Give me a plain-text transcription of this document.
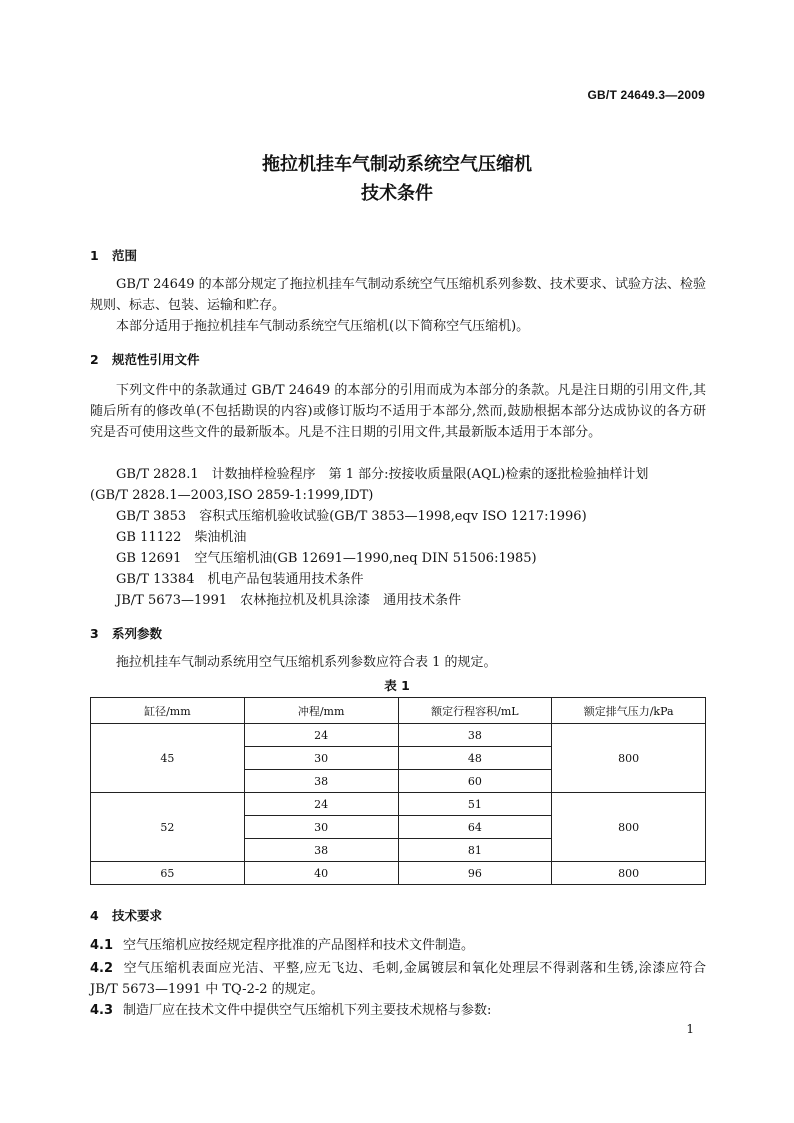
GB/T 24649.3—2009
拖拉机挂车气制动系统空气压缩机
技术条件
1 范围
GB/T 24649 的本部分规定了拖拉机挂车气制动系统空气压缩机系列参数、技术要求、试验方法、检验规则、标志、包装、运输和贮存。
本部分适用于拖拉机挂车气制动系统空气压缩机(以下简称空气压缩机)。
2 规范性引用文件
下列文件中的条款通过 GB/T 24649 的本部分的引用而成为本部分的条款。凡是注日期的引用文件,其随后所有的修改单(不包括勘误的内容)或修订版均不适用于本部分,然而,鼓励根据本部分达成协议的各方研究是否可使用这些文件的最新版本。凡是不注日期的引用文件,其最新版本适用于本部分。
GB/T 2828.1　计数抽样检验程序　第 1 部分:按接收质量限(AQL)检索的逐批检验抽样计划
(GB/T 2828.1—2003,ISO 2859-1:1999,IDT)
GB/T 3853　容积式压缩机验收试验(GB/T 3853—1998,eqv ISO 1217:1996)
GB 11122　柴油机油
GB 12691　空气压缩机油(GB 12691—1990,neq DIN 51506:1985)
GB/T 13384　机电产品包装通用技术条件
JB/T 5673—1991　农林拖拉机及机具涂漆　通用技术条件
3 系列参数
拖拉机挂车气制动系统用空气压缩机系列参数应符合表 1 的规定。
表 1
缸径/mm	冲程/mm	额定行程容积/mL	额定排气压力/kPa
45	24	38	800
	30	48	
	38	60	
52	24	51	800
	30	64	
	38	81	
65	40	96	800
4 技术要求
4.1 空气压缩机应按经规定程序批准的产品图样和技术文件制造。
4.2 空气压缩机表面应光洁、平整,应无飞边、毛刺,金属镀层和氧化处理层不得剥落和生锈,涂漆应符合 JB/T 5673—1991 中 TQ-2-2 的规定。
4.3 制造厂应在技术文件中提供空气压缩机下列主要技术规格与参数:
1
